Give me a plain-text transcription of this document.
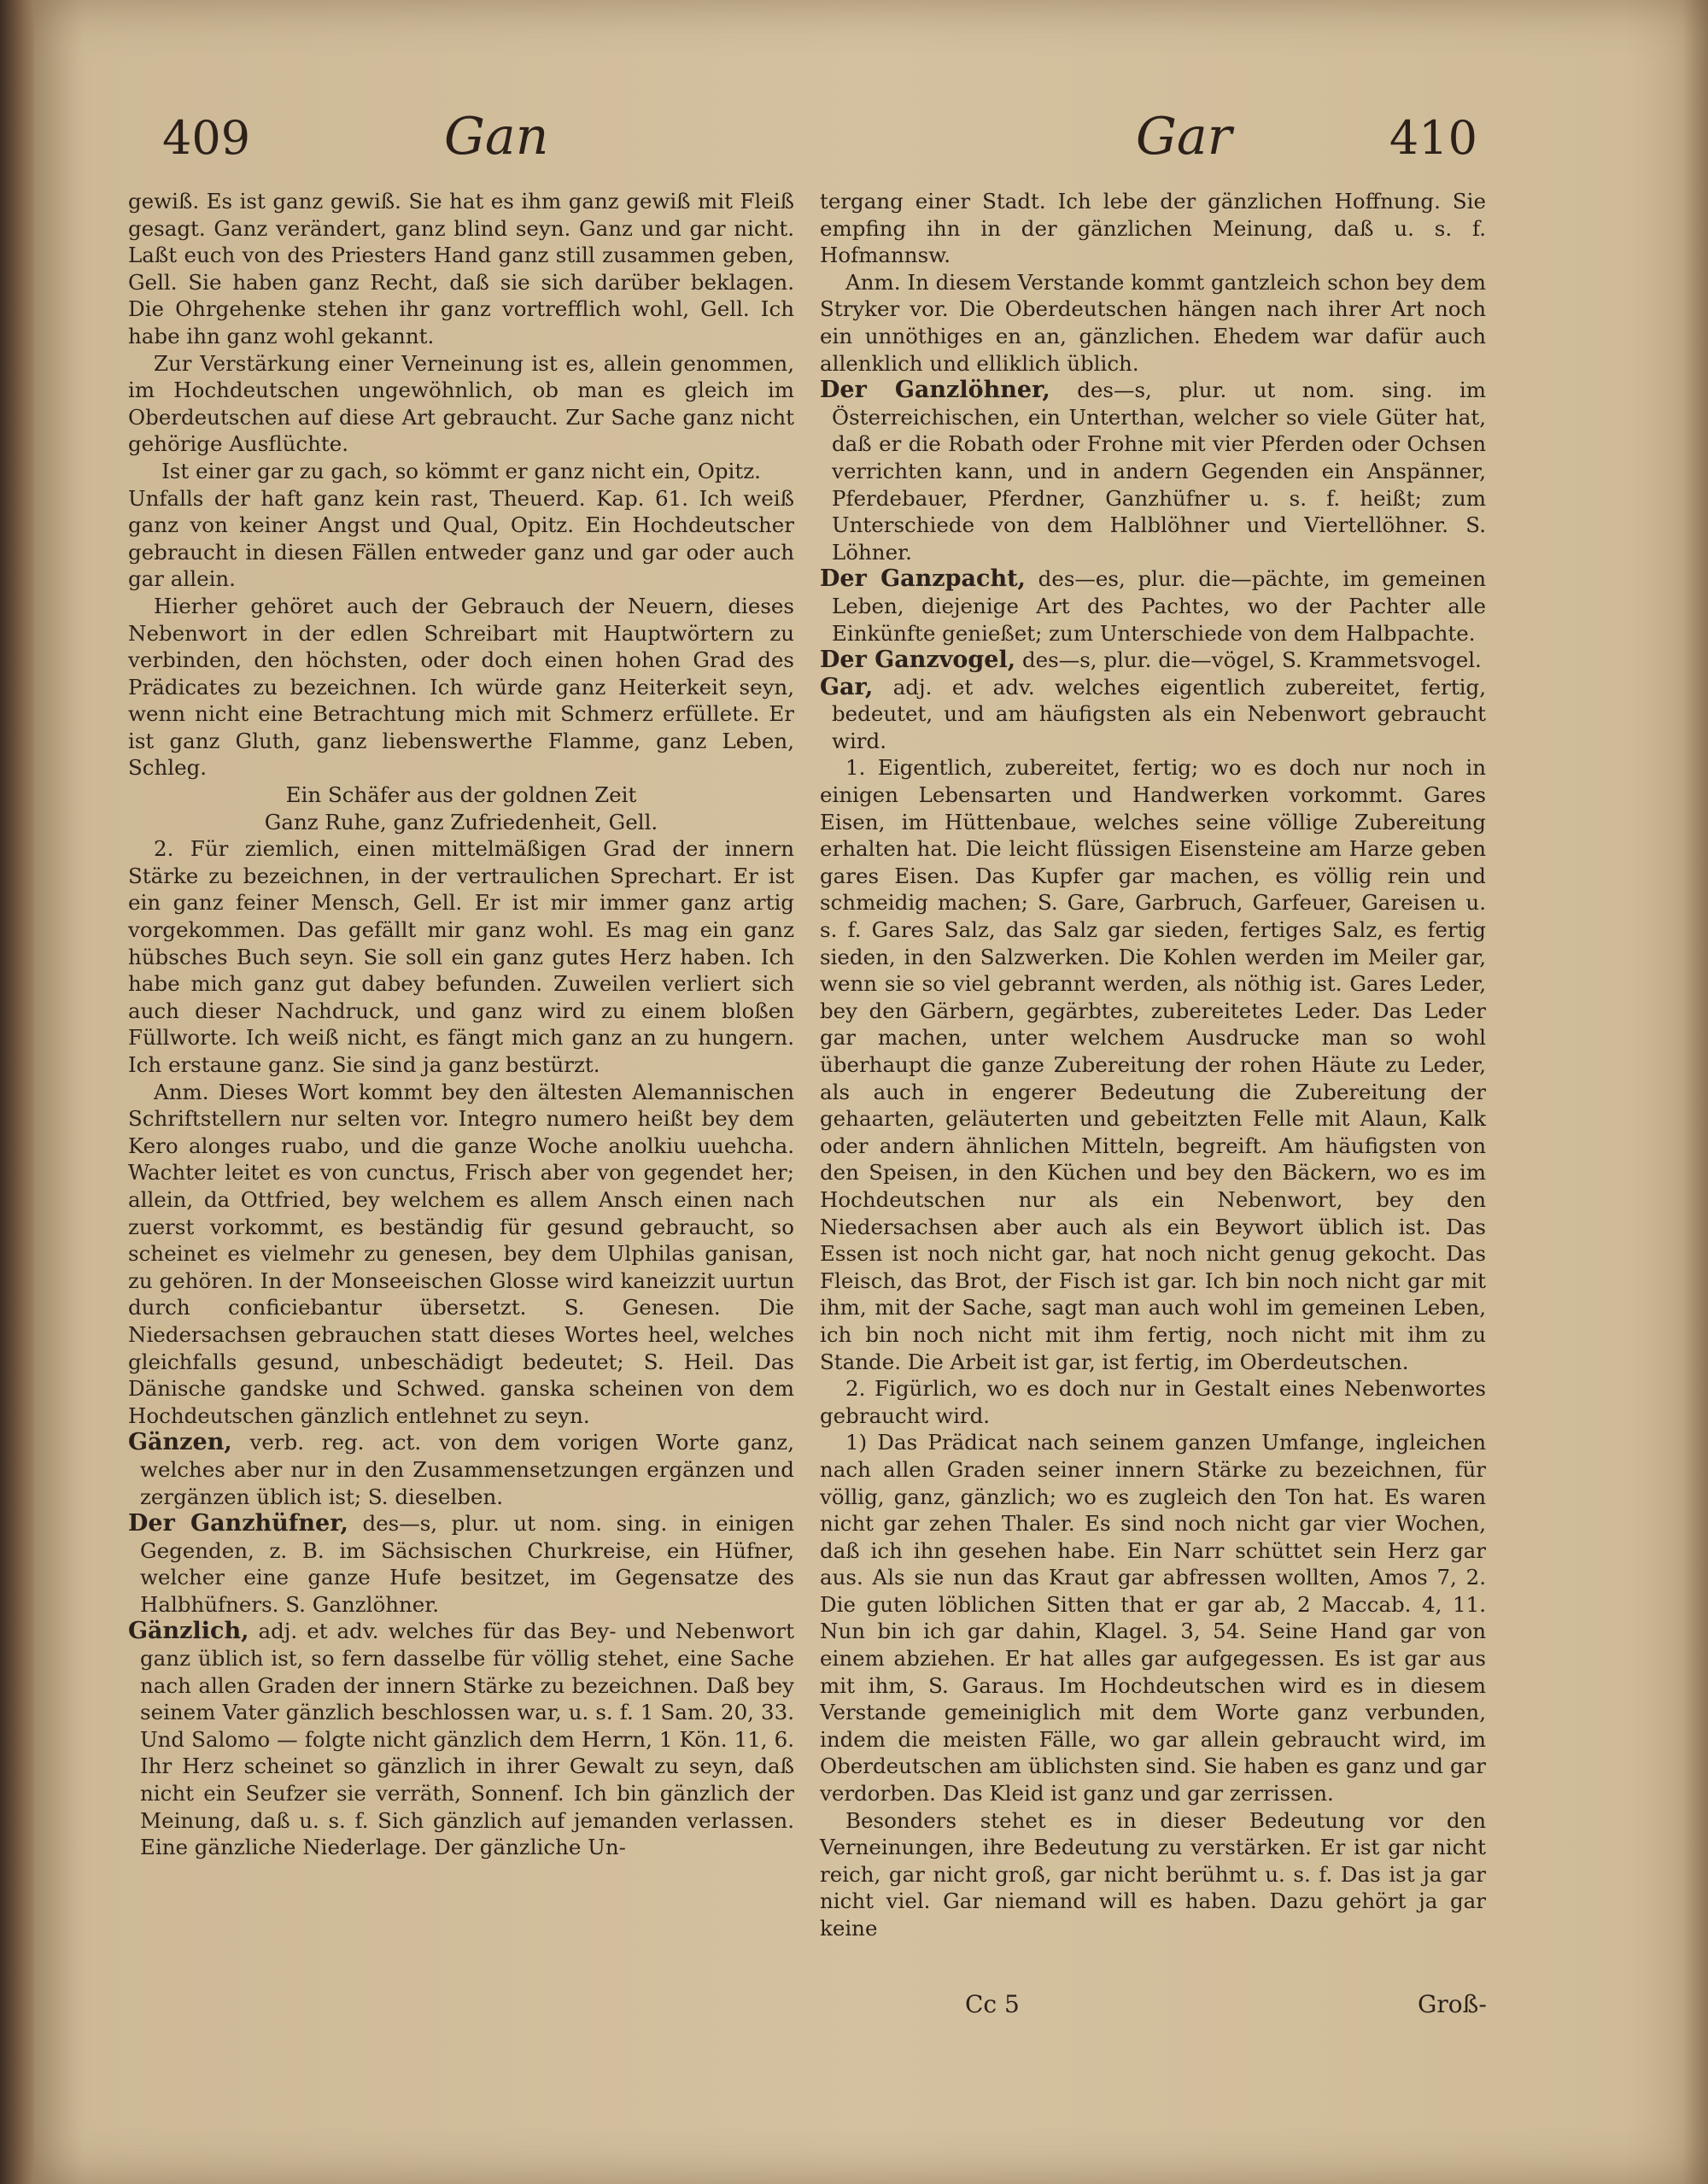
409	Gan	Gar	410

gewiß. Es ist ganz gewiß. Sie hat es ihm ganz gewiß mit Fleiß gesagt. Ganz verändert, ganz blind seyn. Ganz und gar nicht. Laßt euch von des Priesters Hand ganz still zusammen geben, Gell. Sie haben ganz Recht, daß sie sich darüber beklagen. Die Ohrgehenke stehen ihr ganz vortrefflich wohl, Gell. Ich habe ihn ganz wohl gekannt.

Zur Verstärkung einer Verneinung ist es, allein genommen, im Hochdeutschen ungewöhnlich, ob man es gleich im Oberdeutschen auf diese Art gebraucht. Zur Sache ganz nicht gehörige Ausflüchte.

Ist einer gar zu gach, so kömmt er ganz nicht ein, Opitz.

Unfalls der haft ganz kein rast, Theuerd. Kap. 61. Ich weiß ganz von keiner Angst und Qual, Opitz. Ein Hochdeutscher gebraucht in diesen Fällen entweder ganz und gar oder auch gar allein.

Hierher gehöret auch der Gebrauch der Neuern, dieses Nebenwort in der edlen Schreibart mit Hauptwörtern zu verbinden, den höchsten, oder doch einen hohen Grad des Prädicates zu bezeichnen. Ich würde ganz Heiterkeit seyn, wenn nicht eine Betrachtung mich mit Schmerz erfüllete. Er ist ganz Gluth, ganz liebenswerthe Flamme, ganz Leben, Schleg.

Ein Schäfer aus der goldnen Zeit

Ganz Ruhe, ganz Zufriedenheit, Gell.

2. Für ziemlich, einen mittelmäßigen Grad der innern Stärke zu bezeichnen, in der vertraulichen Sprechart. Er ist ein ganz feiner Mensch, Gell. Er ist mir immer ganz artig vorgekommen. Das gefällt mir ganz wohl. Es mag ein ganz hübsches Buch seyn. Sie soll ein ganz gutes Herz haben. Ich habe mich ganz gut dabey befunden. Zuweilen verliert sich auch dieser Nachdruck, und ganz wird zu einem bloßen Füllworte. Ich weiß nicht, es fängt mich ganz an zu hungern. Ich erstaune ganz. Sie sind ja ganz bestürzt.

Anm. Dieses Wort kommt bey den ältesten Alemannischen Schriftstellern nur selten vor. Integro numero heißt bey dem Kero alonges ruabo, und die ganze Woche anolkiu uuehcha. Wachter leitet es von cunctus, Frisch aber von gegendet her; allein, da Ottfried, bey welchem es allem Ansch einen nach zuerst vorkommt, es beständig für gesund gebraucht, so scheinet es vielmehr zu genesen, bey dem Ulphilas ganisan, zu gehören. In der Monseeischen Glosse wird kaneizzit uurtun durch conficiebantur übersetzt. S. Genesen. Die Niedersachsen gebrauchen statt dieses Wortes heel, welches gleichfalls gesund, unbeschädigt bedeutet; S. Heil. Das Dänische gandske und Schwed. ganska scheinen von dem Hochdeutschen gänzlich entlehnet zu seyn.

Gänzen, verb. reg. act. von dem vorigen Worte ganz, welches aber nur in den Zusammensetzungen ergänzen und zergänzen üblich ist; S. dieselben.

Der Ganzhüfner, des—s, plur. ut nom. sing. in einigen Gegenden, z. B. im Sächsischen Churkreise, ein Hüfner, welcher eine ganze Hufe besitzet, im Gegensatze des Halbhüfners. S. Ganzlöhner.

Gänzlich, adj. et adv. welches für das Bey- und Nebenwort ganz üblich ist, so fern dasselbe für völlig stehet, eine Sache nach allen Graden der innern Stärke zu bezeichnen. Daß bey seinem Vater gänzlich beschlossen war, u. s. f. 1 Sam. 20, 33. Und Salomo — folgte nicht gänzlich dem Herrn, 1 Kön. 11, 6. Ihr Herz scheinet so gänzlich in ihrer Gewalt zu seyn, daß nicht ein Seufzer sie verräth, Sonnenf. Ich bin gänzlich der Meinung, daß u. s. f. Sich gänzlich auf jemanden verlassen. Eine gänzliche Niederlage. Der gänzliche Un-

tergang einer Stadt. Ich lebe der gänzlichen Hoffnung. Sie empfing ihn in der gänzlichen Meinung, daß u. s. f. Hofmannsw.

Anm. In diesem Verstande kommt gantzleich schon bey dem Stryker vor. Die Oberdeutschen hängen nach ihrer Art noch ein unnöthiges en an, gänzlichen. Ehedem war dafür auch allenklich und elliklich üblich.

Der Ganzlöhner, des—s, plur. ut nom. sing. im Österreichischen, ein Unterthan, welcher so viele Güter hat, daß er die Robath oder Frohne mit vier Pferden oder Ochsen verrichten kann, und in andern Gegenden ein Anspänner, Pferdebauer, Pferdner, Ganzhüfner u. s. f. heißt; zum Unterschiede von dem Halblöhner und Viertellöhner. S. Löhner.

Der Ganzpacht, des—es, plur. die—pächte, im gemeinen Leben, diejenige Art des Pachtes, wo der Pachter alle Einkünfte genießet; zum Unterschiede von dem Halbpachte.

Der Ganzvogel, des—s, plur. die—vögel, S. Krammetsvogel.

Gar, adj. et adv. welches eigentlich zubereitet, fertig, bedeutet, und am häufigsten als ein Nebenwort gebraucht wird.

1. Eigentlich, zubereitet, fertig; wo es doch nur noch in einigen Lebensarten und Handwerken vorkommt. Gares Eisen, im Hüttenbaue, welches seine völlige Zubereitung erhalten hat. Die leicht flüssigen Eisensteine am Harze geben gares Eisen. Das Kupfer gar machen, es völlig rein und schmeidig machen; S. Gare, Garbruch, Garfeuer, Gareisen u. s. f. Gares Salz, das Salz gar sieden, fertiges Salz, es fertig sieden, in den Salzwerken. Die Kohlen werden im Meiler gar, wenn sie so viel gebrannt werden, als nöthig ist. Gares Leder, bey den Gärbern, gegärbtes, zubereitetes Leder. Das Leder gar machen, unter welchem Ausdrucke man so wohl überhaupt die ganze Zubereitung der rohen Häute zu Leder, als auch in engerer Bedeutung die Zubereitung der gehaarten, geläuterten und gebeitzten Felle mit Alaun, Kalk oder andern ähnlichen Mitteln, begreift. Am häufigsten von den Speisen, in den Küchen und bey den Bäckern, wo es im Hochdeutschen nur als ein Nebenwort, bey den Niedersachsen aber auch als ein Beywort üblich ist. Das Essen ist noch nicht gar, hat noch nicht genug gekocht. Das Fleisch, das Brot, der Fisch ist gar. Ich bin noch nicht gar mit ihm, mit der Sache, sagt man auch wohl im gemeinen Leben, ich bin noch nicht mit ihm fertig, noch nicht mit ihm zu Stande. Die Arbeit ist gar, ist fertig, im Oberdeutschen.

2. Figürlich, wo es doch nur in Gestalt eines Nebenwortes gebraucht wird.

1) Das Prädicat nach seinem ganzen Umfange, ingleichen nach allen Graden seiner innern Stärke zu bezeichnen, für völlig, ganz, gänzlich; wo es zugleich den Ton hat. Es waren nicht gar zehen Thaler. Es sind noch nicht gar vier Wochen, daß ich ihn gesehen habe. Ein Narr schüttet sein Herz gar aus. Als sie nun das Kraut gar abfressen wollten, Amos 7, 2. Die guten löblichen Sitten that er gar ab, 2 Maccab. 4, 11. Nun bin ich gar dahin, Klagel. 3, 54. Seine Hand gar von einem abziehen. Er hat alles gar aufgegessen. Es ist gar aus mit ihm, S. Garaus. Im Hochdeutschen wird es in diesem Verstande gemeiniglich mit dem Worte ganz verbunden, indem die meisten Fälle, wo gar allein gebraucht wird, im Oberdeutschen am üblichsten sind. Sie haben es ganz und gar verdorben. Das Kleid ist ganz und gar zerrissen.

Besonders stehet es in dieser Bedeutung vor den Verneinungen, ihre Bedeutung zu verstärken. Er ist gar nicht reich, gar nicht groß, gar nicht berühmt u. s. f. Das ist ja gar nicht viel. Gar niemand will es haben. Dazu gehört ja gar keine

Cc 5	Groß-
